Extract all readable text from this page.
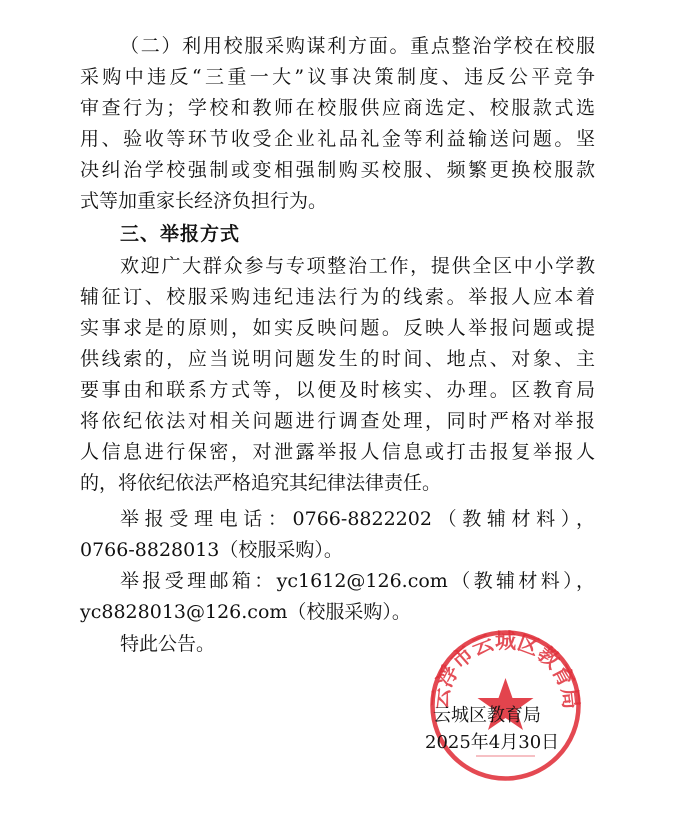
（二）利用校服采购谋利方面。重点整治学校在校服
采购中违反“三重一大”议事决策制度、违反公平竞争
审查行为；学校和教师在校服供应商选定、校服款式选
用、验收等环节收受企业礼品礼金等利益输送问题。坚
决纠治学校强制或变相强制购买校服、频繁更换校服款
式等加重家长经济负担行为。
三、举报方式
欢迎广大群众参与专项整治工作，提供全区中小学教
辅征订、校服采购违纪违法行为的线索。举报人应本着
实事求是的原则，如实反映问题。反映人举报问题或提
供线索的，应当说明问题发生的时间、地点、对象、主
要事由和联系方式等，以便及时核实、办理。区教育局
将依纪依法对相关问题进行调查处理，同时严格对举报
人信息进行保密，对泄露举报人信息或打击报复举报人
的，将依纪依法严格追究其纪律法律责任。
举报受理电话：0766-8822202（教辅材料），
0766-8828013（校服采购）。
举报受理邮箱：yc1612@126.com（教辅材料），
yc8828013@126.com（校服采购）。
特此公告。
云浮市云城区教育局
云城区教育局
2025年4月30日
